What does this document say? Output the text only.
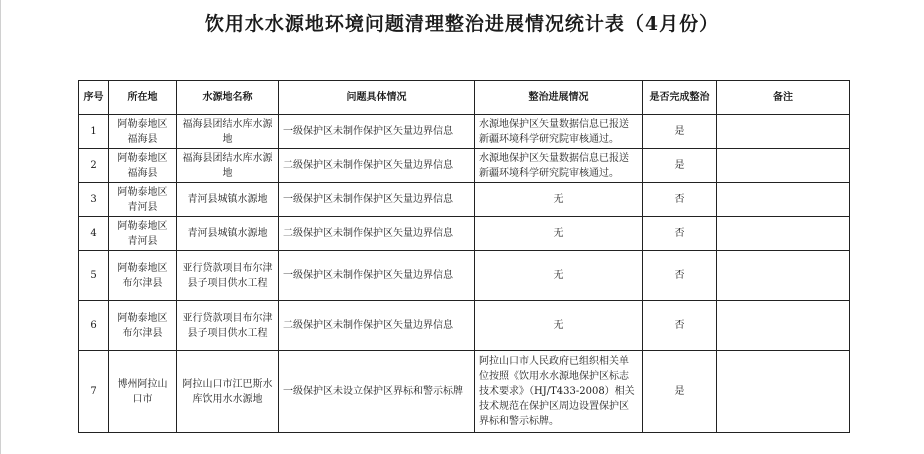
饮用水水源地环境问题清理整治进展情况统计表（4月份）
序号	所在地	水源地名称	问题具体情况	整治进展情况	是否完成整治	备注
1	阿勒泰地区福海县	福海县团结水库水源地	一级保护区未制作保护区矢量边界信息	水源地保护区矢量数据信息已报送新疆环境科学研究院审核通过。	是	
2	阿勒泰地区福海县	福海县团结水库水源地	二级保护区未制作保护区矢量边界信息	水源地保护区矢量数据信息已报送新疆环境科学研究院审核通过。	是	
3	阿勒泰地区青河县	青河县城镇水源地	一级保护区未制作保护区矢量边界信息	无	否	
4	阿勒泰地区青河县	青河县城镇水源地	二级保护区未制作保护区矢量边界信息	无	否	
5	阿勒泰地区布尔津县	亚行贷款项目布尔津县子项目供水工程	一级保护区未制作保护区矢量边界信息	无	否	
6	阿勒泰地区布尔津县	亚行贷款项目布尔津县子项目供水工程	二级保护区未制作保护区矢量边界信息	无	否	
7	博州阿拉山口市	阿拉山口市江巴斯水库饮用水水源地	一级保护区未设立保护区界标和警示标牌	阿拉山口市人民政府已组织相关单位按照《饮用水水源地保护区标志技术要求》（HJ/T433-2008）相关技术规范在保护区周边设置保护区界标和警示标牌。	是	
